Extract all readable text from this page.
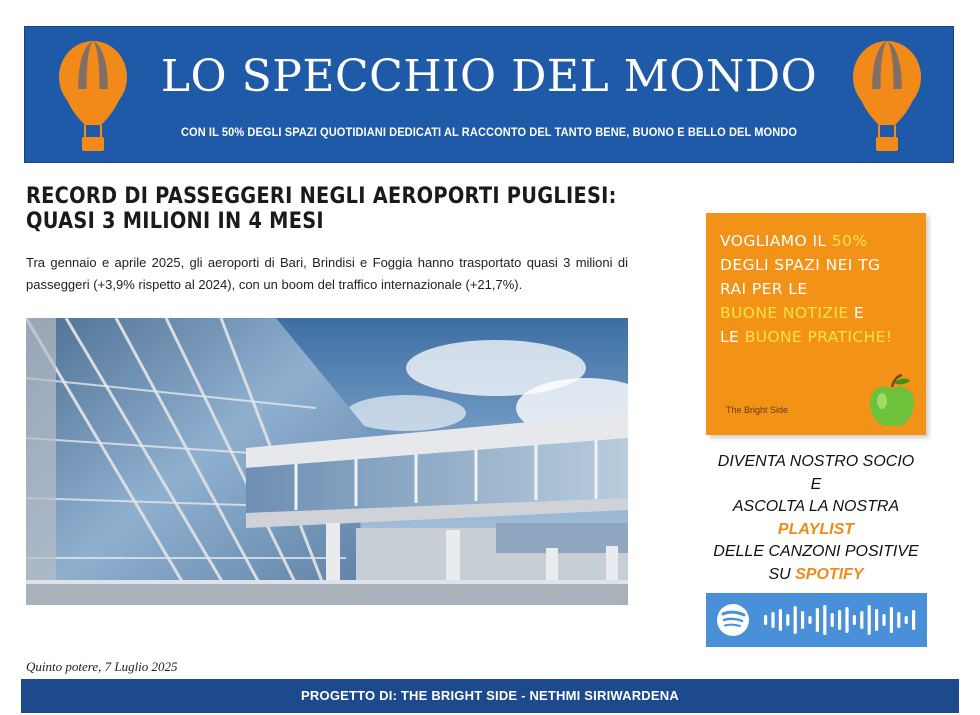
LO SPECCHIO DEL MONDO
CON IL 50% DEGLI SPAZI QUOTIDIANI DEDICATI AL RACCONTO DEL TANTO BENE, BUONO E BELLO DEL MONDO
RECORD DI PASSEGGERI NEGLI AEROPORTI PUGLIESI:
QUASI 3 MILIONI IN 4 MESI

Tra gennaio e aprile 2025, gli aeroporti di Bari, Brindisi e Foggia hanno trasportato quasi 3 milioni di passeggeri (+3,9% rispetto al 2024), con un boom del traffico internazionale (+21,7%).

Quinto potere, 7 Luglio 2025
VOGLIAMO IL 50%
DEGLI SPAZI NEI TG
RAI PER LE
BUONE NOTIZIE E
LE BUONE PRATICHE!
The Bright Side
DIVENTA NOSTRO SOCIO
E
ASCOLTA LA NOSTRA
PLAYLIST
DELLE CANZONI POSITIVE
SU SPOTIFY
PROGETTO DI: THE BRIGHT SIDE - NETHMI SIRIWARDENA
